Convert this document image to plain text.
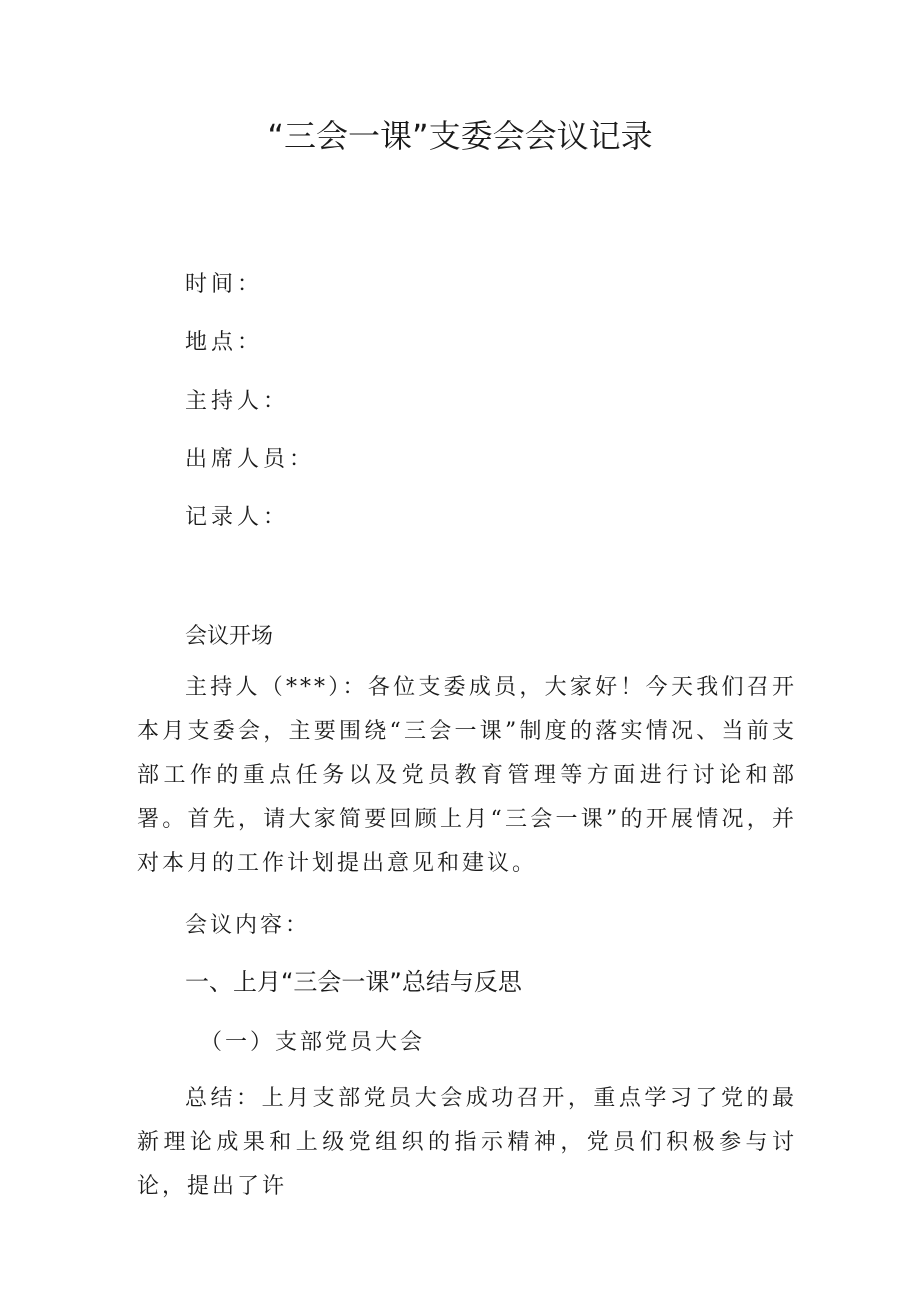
“三会一课”支委会会议记录
时间：
地点：
主持人：
出席人员：
记录人：
会议开场

主持人（***）：各位支委成员，大家好！今天我们召开本月支委会，主要围绕“三会一课”制度的落实情况、当前支部工作的重点任务以及党员教育管理等方面进行讨论和部署。首先，请大家简要回顾上月“三会一课”的开展情况，并对本月的工作计划提出意见和建议。

会议内容：
一、上月“三会一课”总结与反思
（一）支部党员大会

总结：上月支部党员大会成功召开，重点学习了党的最新理论成果和上级党组织的指示精神，党员们积极参与讨论，提出了许
